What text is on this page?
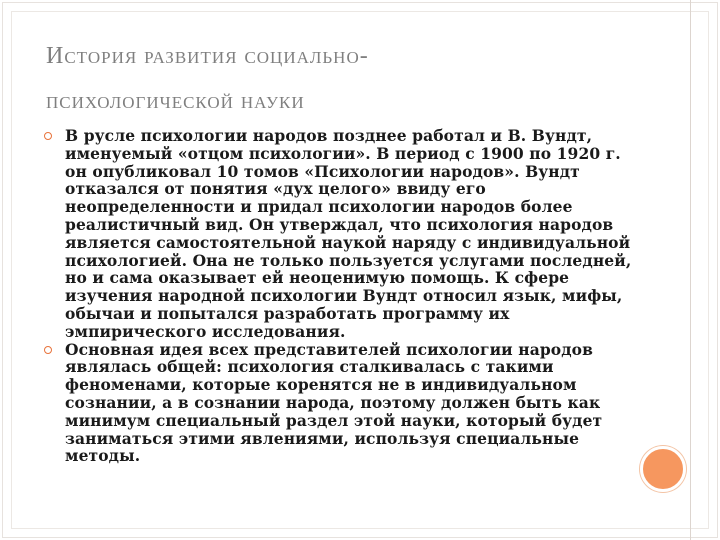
История развития социально-
психологической науки
В русле психологии народов позднее работал и В. Вундт, именуемый «отцом психологии». В период с 1900 по 1920 г. он опубликовал 10 томов «Психологии народов». Вундт отказался от понятия «дух целого» ввиду его неопределенности и придал психологии народов более реалистичный вид. Он утверждал, что психология народов является самостоятельной наукой наряду с индивидуальной психологией. Она не только пользуется услугами последней, но и сама оказывает ей неоценимую помощь. К сфере изучения народной психологии Вундт относил язык, мифы, обычаи и попытался разработать программу их эмпирического исследования.
Основная идея всех представителей психологии народов являлась общей: психология сталкивалась с такими феноменами, которые коренятся не в индивидуальном сознании, а в сознании народа, поэтому должен быть как минимум специальный раздел этой науки, который будет заниматься этими явлениями, используя специальные методы.
